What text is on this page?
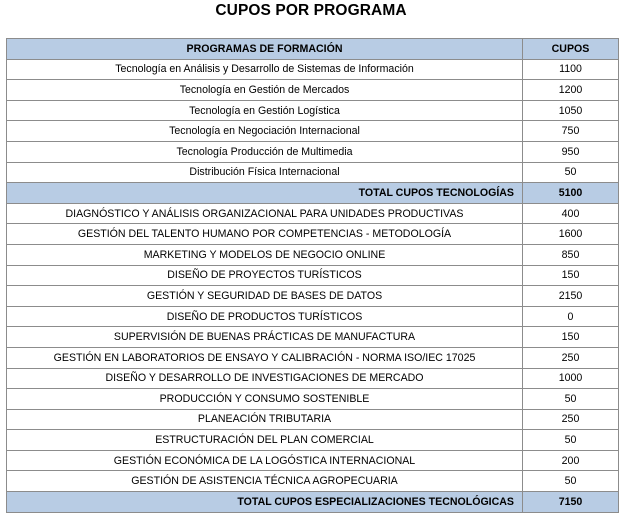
CUPOS POR PROGRAMA
PROGRAMAS DE FORMACIÓN	CUPOS
Tecnología en Análisis y Desarrollo de Sistemas de Información	1100
Tecnología en Gestión de Mercados	1200
Tecnología en Gestión Logística	1050
Tecnología en Negociación Internacional	750
Tecnología Producción de Multimedia	950
Distribución Física Internacional	50
TOTAL CUPOS TECNOLOGÍAS	5100
DIAGNÓSTICO Y ANÁLISIS ORGANIZACIONAL PARA UNIDADES PRODUCTIVAS	400
GESTIÓN DEL TALENTO HUMANO POR COMPETENCIAS - METODOLOGÍA	1600
MARKETING Y MODELOS DE NEGOCIO ONLINE	850
DISEÑO DE PROYECTOS TURÍSTICOS	150
GESTIÓN Y SEGURIDAD DE BASES DE DATOS	2150
DISEÑO DE PRODUCTOS TURÍSTICOS	0
SUPERVISIÓN DE BUENAS PRÁCTICAS DE MANUFACTURA	150
GESTIÓN EN LABORATORIOS DE ENSAYO Y CALIBRACIÓN - NORMA ISO/IEC 17025	250
DISEÑO Y DESARROLLO DE INVESTIGACIONES DE MERCADO	1000
PRODUCCIÓN Y CONSUMO SOSTENIBLE	50
PLANEACIÓN TRIBUTARIA	250
ESTRUCTURACIÓN DEL PLAN COMERCIAL	50
GESTIÓN ECONÓMICA DE LA LOGÓSTICA INTERNACIONAL	200
GESTIÓN DE ASISTENCIA TÉCNICA AGROPECUARIA	50
TOTAL CUPOS ESPECIALIZACIONES TECNOLÓGICAS	7150
